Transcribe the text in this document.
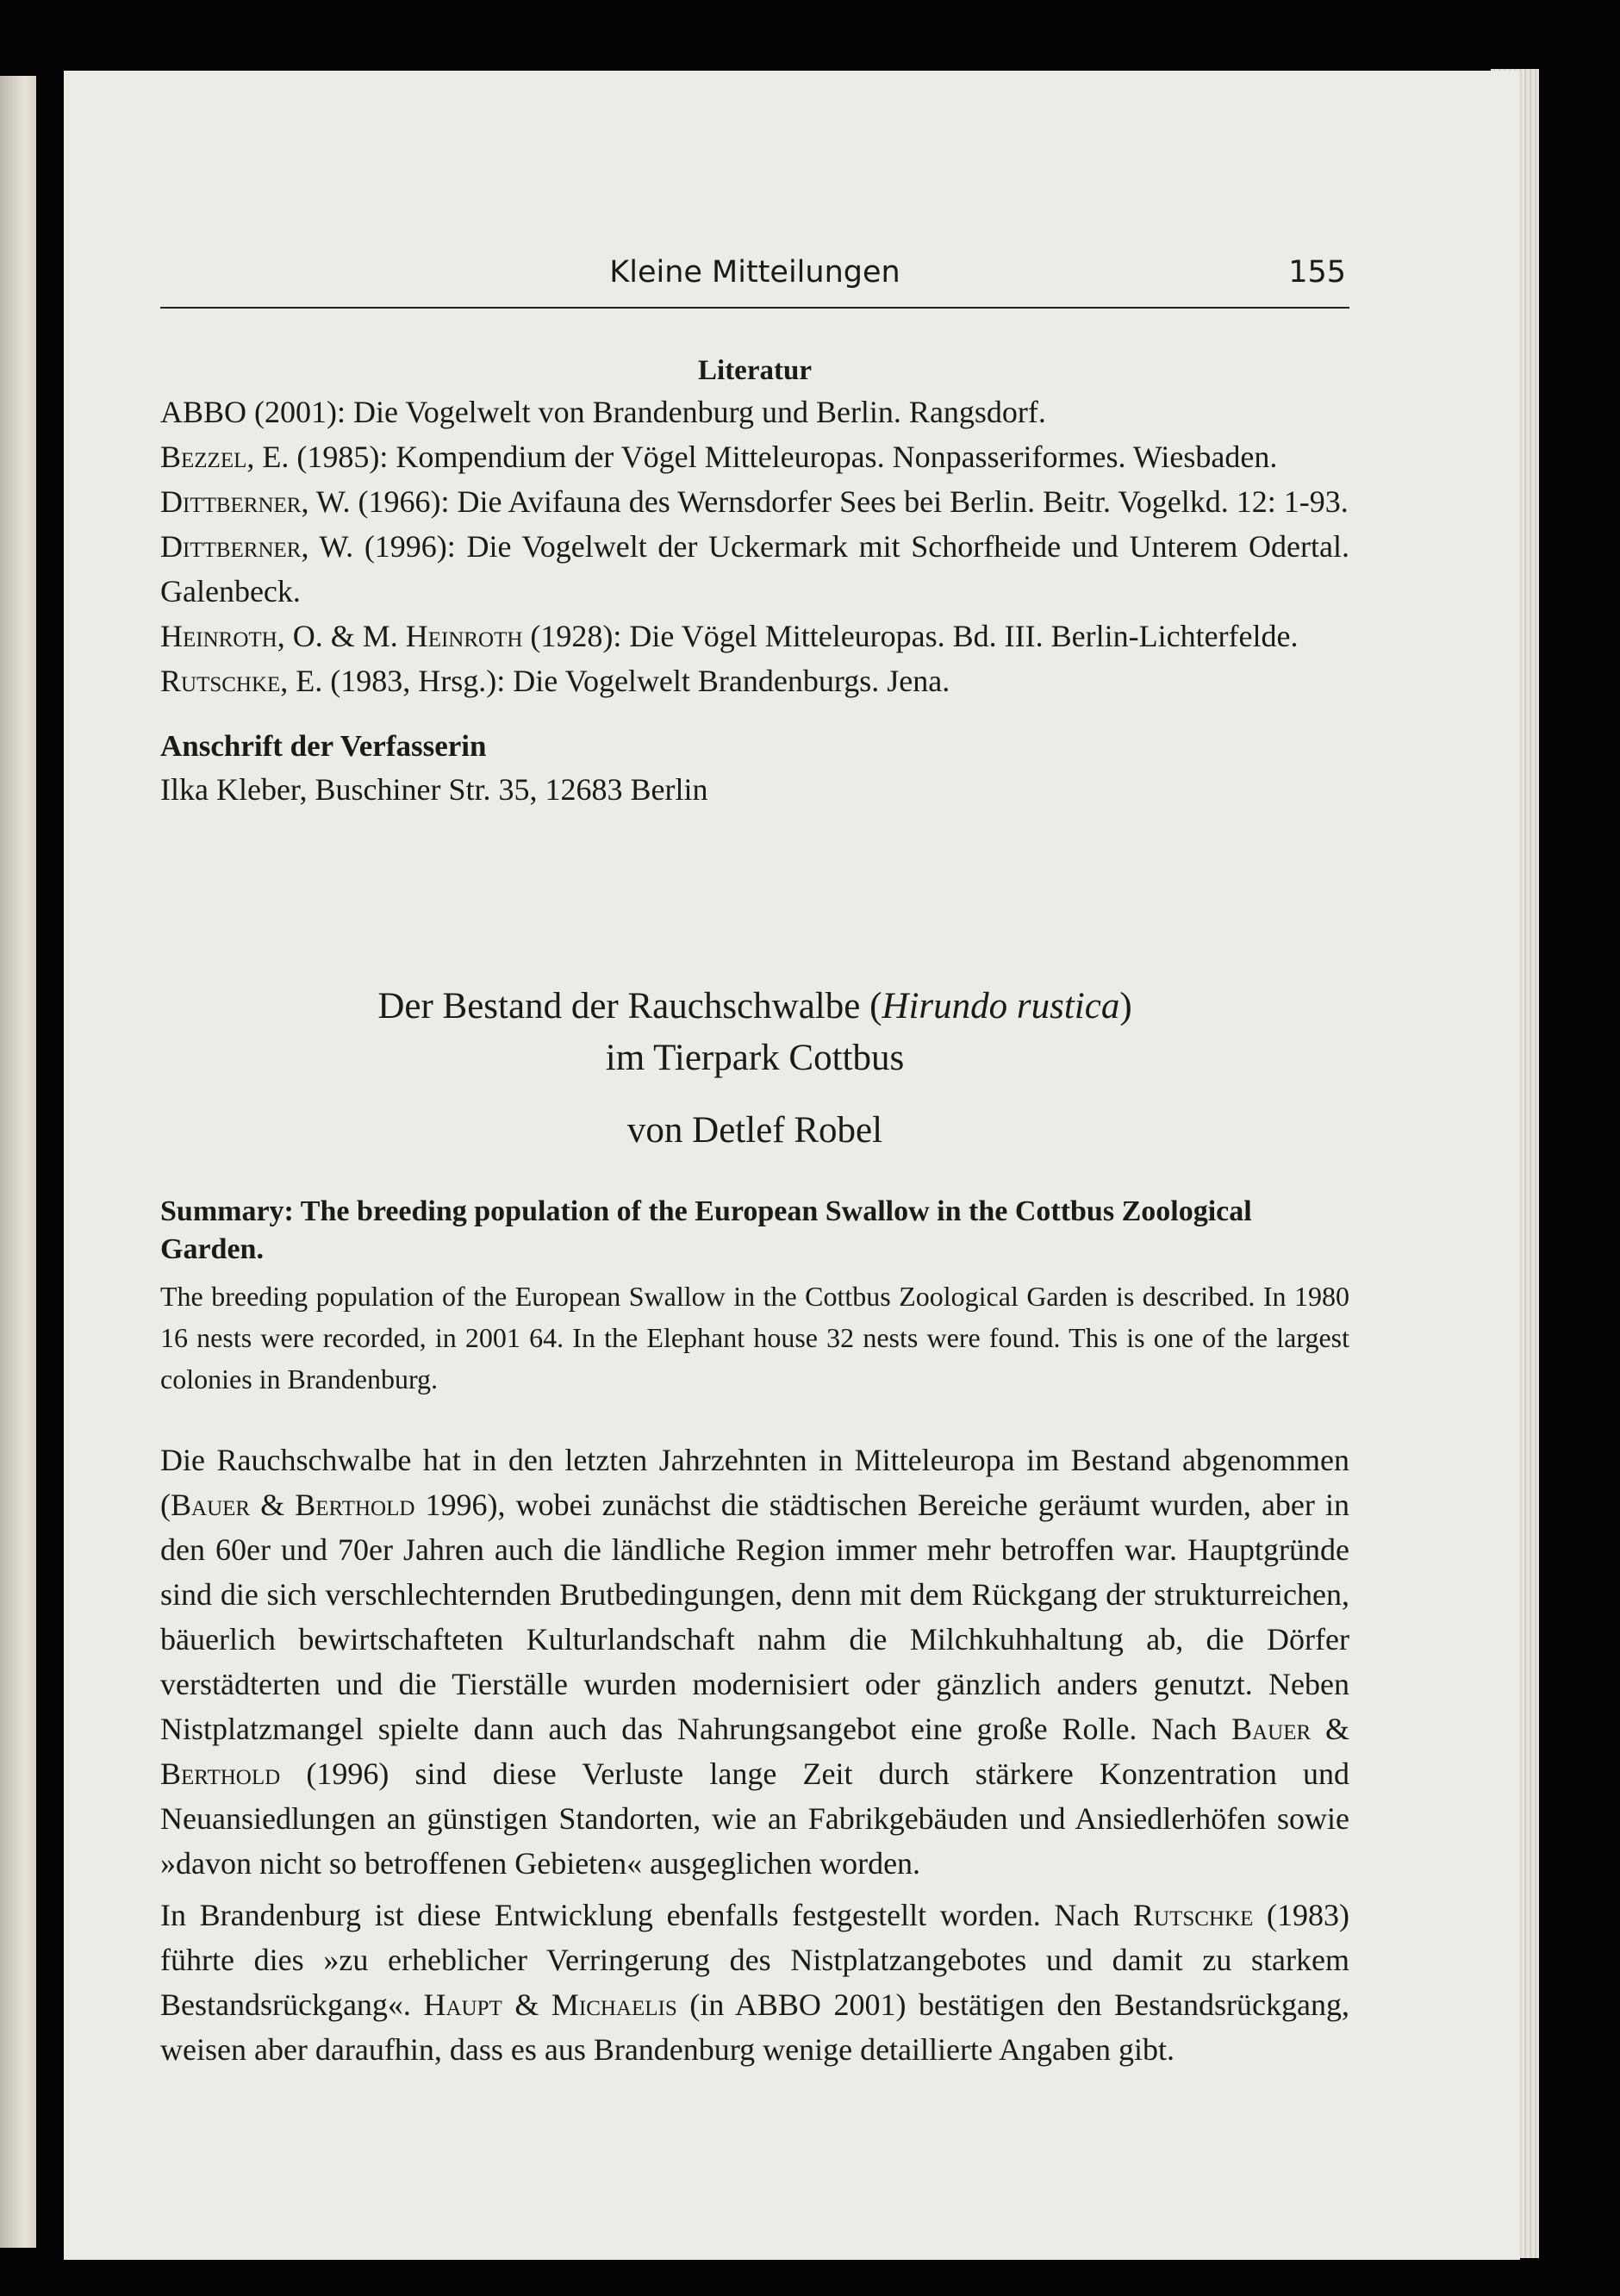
Kleine Mitteilungen	155
Literatur
ABBO (2001): Die Vogelwelt von Brandenburg und Berlin. Rangsdorf.
Bezzel, E. (1985): Kompendium der Vögel Mitteleuropas. Nonpasseriformes. Wiesbaden.
Dittberner, W. (1966): Die Avifauna des Wernsdorfer Sees bei Berlin. Beitr. Vogelkd. 12: 1-93.
Dittberner, W. (1996): Die Vogelwelt der Uckermark mit Schorfheide und Unterem Odertal. Galenbeck.
Heinroth, O. & M. Heinroth (1928): Die Vögel Mitteleuropas. Bd. III. Berlin-Lichterfelde.
Rutschke, E. (1983, Hrsg.): Die Vogelwelt Brandenburgs. Jena.
Anschrift der Verfasserin
Ilka Kleber, Buschiner Str. 35, 12683 Berlin
Der Bestand der Rauchschwalbe (Hirundo rustica)
im Tierpark Cottbus
von Detlef Robel
Summary: The breeding population of the European Swallow in the Cottbus Zoological Garden.
The breeding population of the European Swallow in the Cottbus Zoological Garden is described. In 1980 16 nests were recorded, in 2001 64. In the Elephant house 32 nests were found. This is one of the largest colonies in Brandenburg.
Die Rauchschwalbe hat in den letzten Jahrzehnten in Mitteleuropa im Bestand abgenommen (Bauer & Berthold 1996), wobei zunächst die städtischen Bereiche geräumt wurden, aber in den 60er und 70er Jahren auch die ländliche Region immer mehr betroffen war. Hauptgründe sind die sich verschlechternden Brutbedingungen, denn mit dem Rückgang der strukturreichen, bäuerlich bewirtschafteten Kulturlandschaft nahm die Milchkuhhaltung ab, die Dörfer verstädterten und die Tierställe wurden modernisiert oder gänzlich anders genutzt. Neben Nistplatzmangel spielte dann auch das Nahrungsangebot eine große Rolle. Nach Bauer & Berthold (1996) sind diese Verluste lange Zeit durch stärkere Konzentration und Neuansiedlungen an günstigen Standorten, wie an Fabrikgebäuden und Ansiedlerhöfen sowie »davon nicht so betroffenen Gebieten« ausgeglichen worden.
In Brandenburg ist diese Entwicklung ebenfalls festgestellt worden. Nach Rutschke (1983) führte dies »zu erheblicher Verringerung des Nistplatzangebotes und damit zu starkem Bestandsrückgang«. Haupt & Michaelis (in ABBO 2001) bestätigen den Bestandsrückgang, weisen aber daraufhin, dass es aus Brandenburg wenige detaillierte Angaben gibt.
